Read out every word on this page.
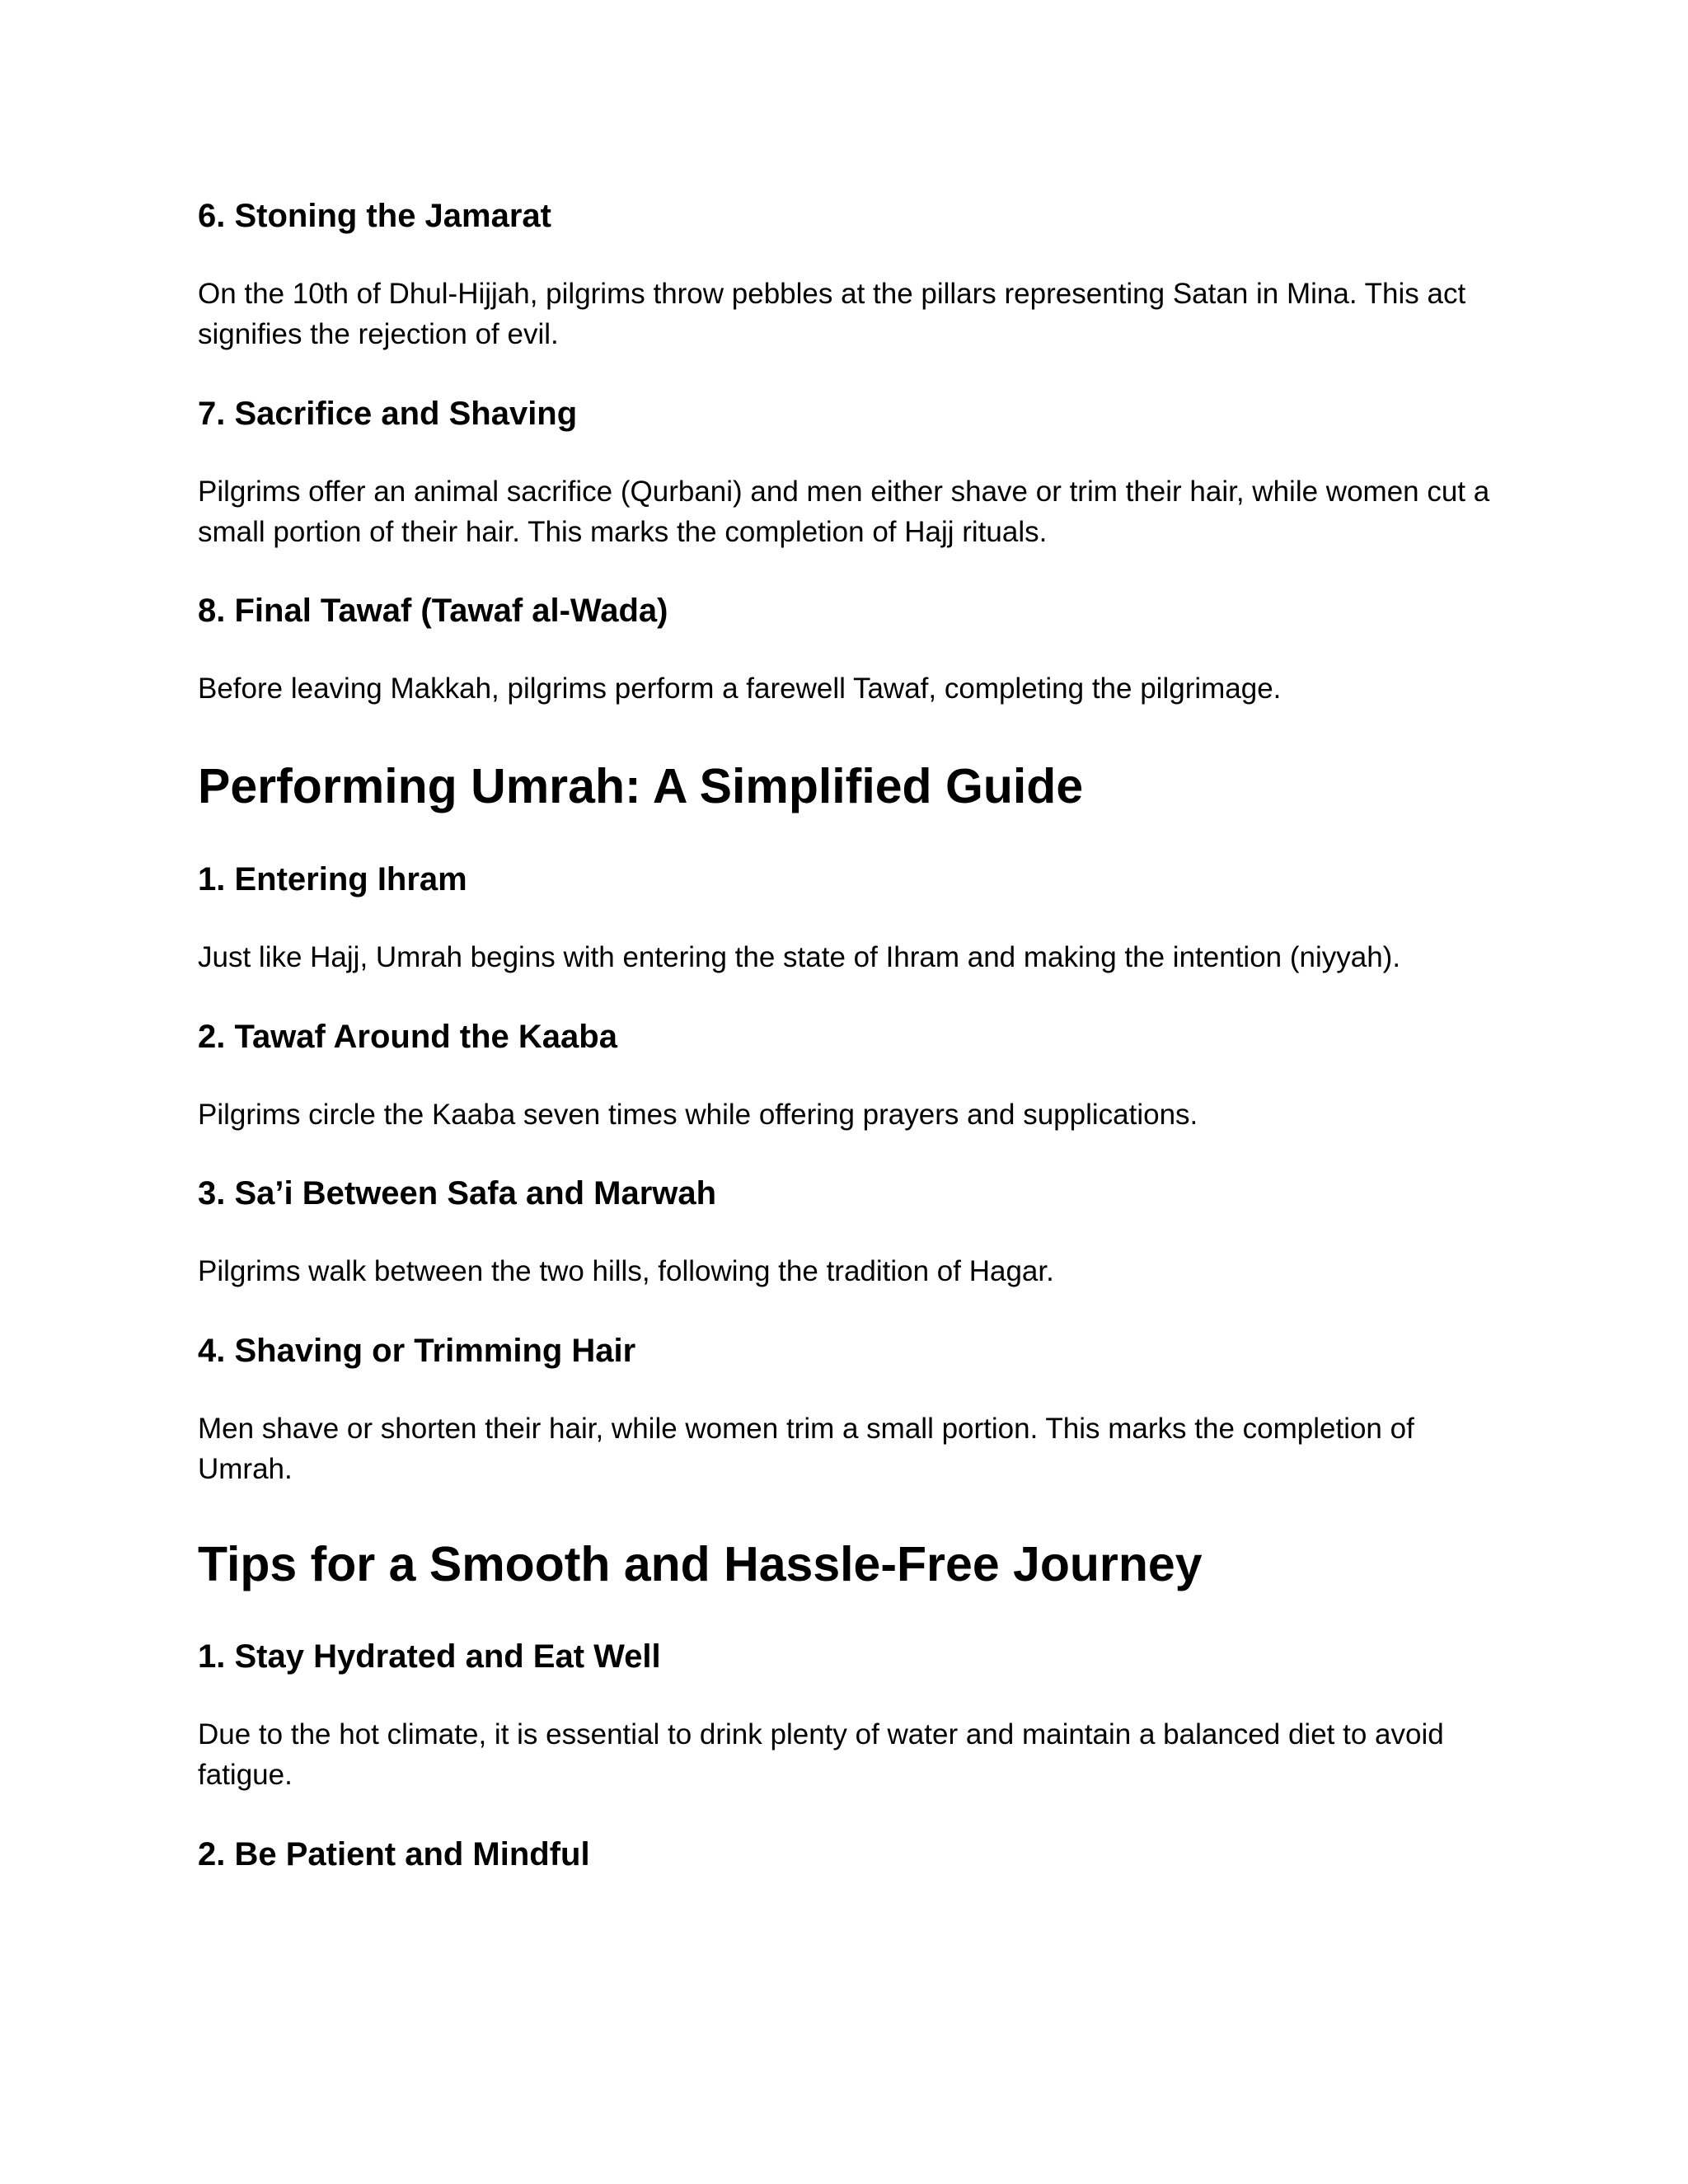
6. Stoning the Jamarat

On the 10th of Dhul-Hijjah, pilgrims throw pebbles at the pillars representing Satan in Mina. This act signifies the rejection of evil.

7. Sacrifice and Shaving

Pilgrims offer an animal sacrifice (Qurbani) and men either shave or trim their hair, while women cut a small portion of their hair. This marks the completion of Hajj rituals.

8. Final Tawaf (Tawaf al-Wada)

Before leaving Makkah, pilgrims perform a farewell Tawaf, completing the pilgrimage.

Performing Umrah: A Simplified Guide
1. Entering Ihram

Just like Hajj, Umrah begins with entering the state of Ihram and making the intention (niyyah).

2. Tawaf Around the Kaaba

Pilgrims circle the Kaaba seven times while offering prayers and supplications.

3. Sa’i Between Safa and Marwah

Pilgrims walk between the two hills, following the tradition of Hagar.

4. Shaving or Trimming Hair

Men shave or shorten their hair, while women trim a small portion. This marks the completion of Umrah.

Tips for a Smooth and Hassle-Free Journey
1. Stay Hydrated and Eat Well

Due to the hot climate, it is essential to drink plenty of water and maintain a balanced diet to avoid fatigue.

2. Be Patient and Mindful
